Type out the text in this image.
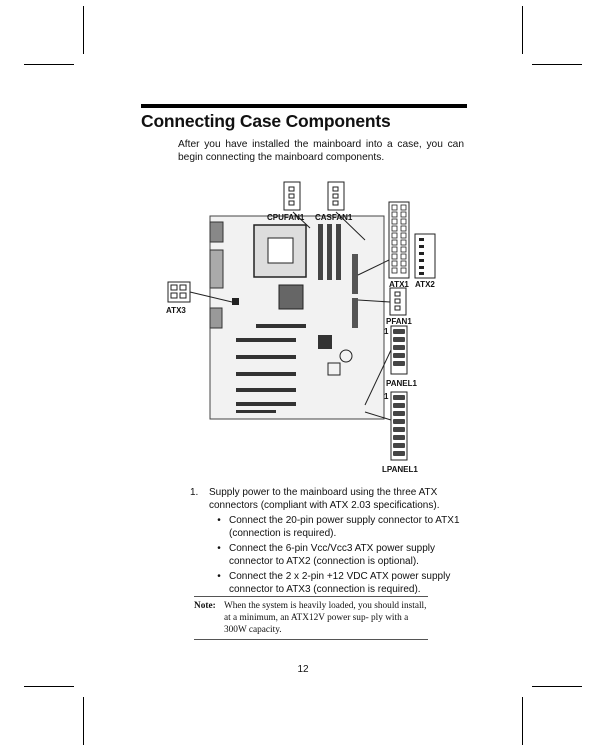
Connecting Case Components
After you have installed the mainboard into a case, you can begin connecting the mainboard components.
CPUFAN1 CASFAN1
ATX1 ATX2
ATX3
PFAN1
1
PANEL1
1
LPANEL1
1.	Supply power to the mainboard using the three ATX connectors (compliant with ATX 2.03 specifications).
• Connect the 20-pin power supply connector to ATX1 (connection is required).
• Connect the 6-pin Vcc/Vcc3 ATX power supply connector to ATX2 (connection is optional).
• Connect the 2 x 2-pin +12 VDC ATX power supply connector to ATX3 (connection is required).
Note: When the system is heavily loaded, you should install, at a minimum, an ATX12V power sup- ply with a 300W capacity.
12
